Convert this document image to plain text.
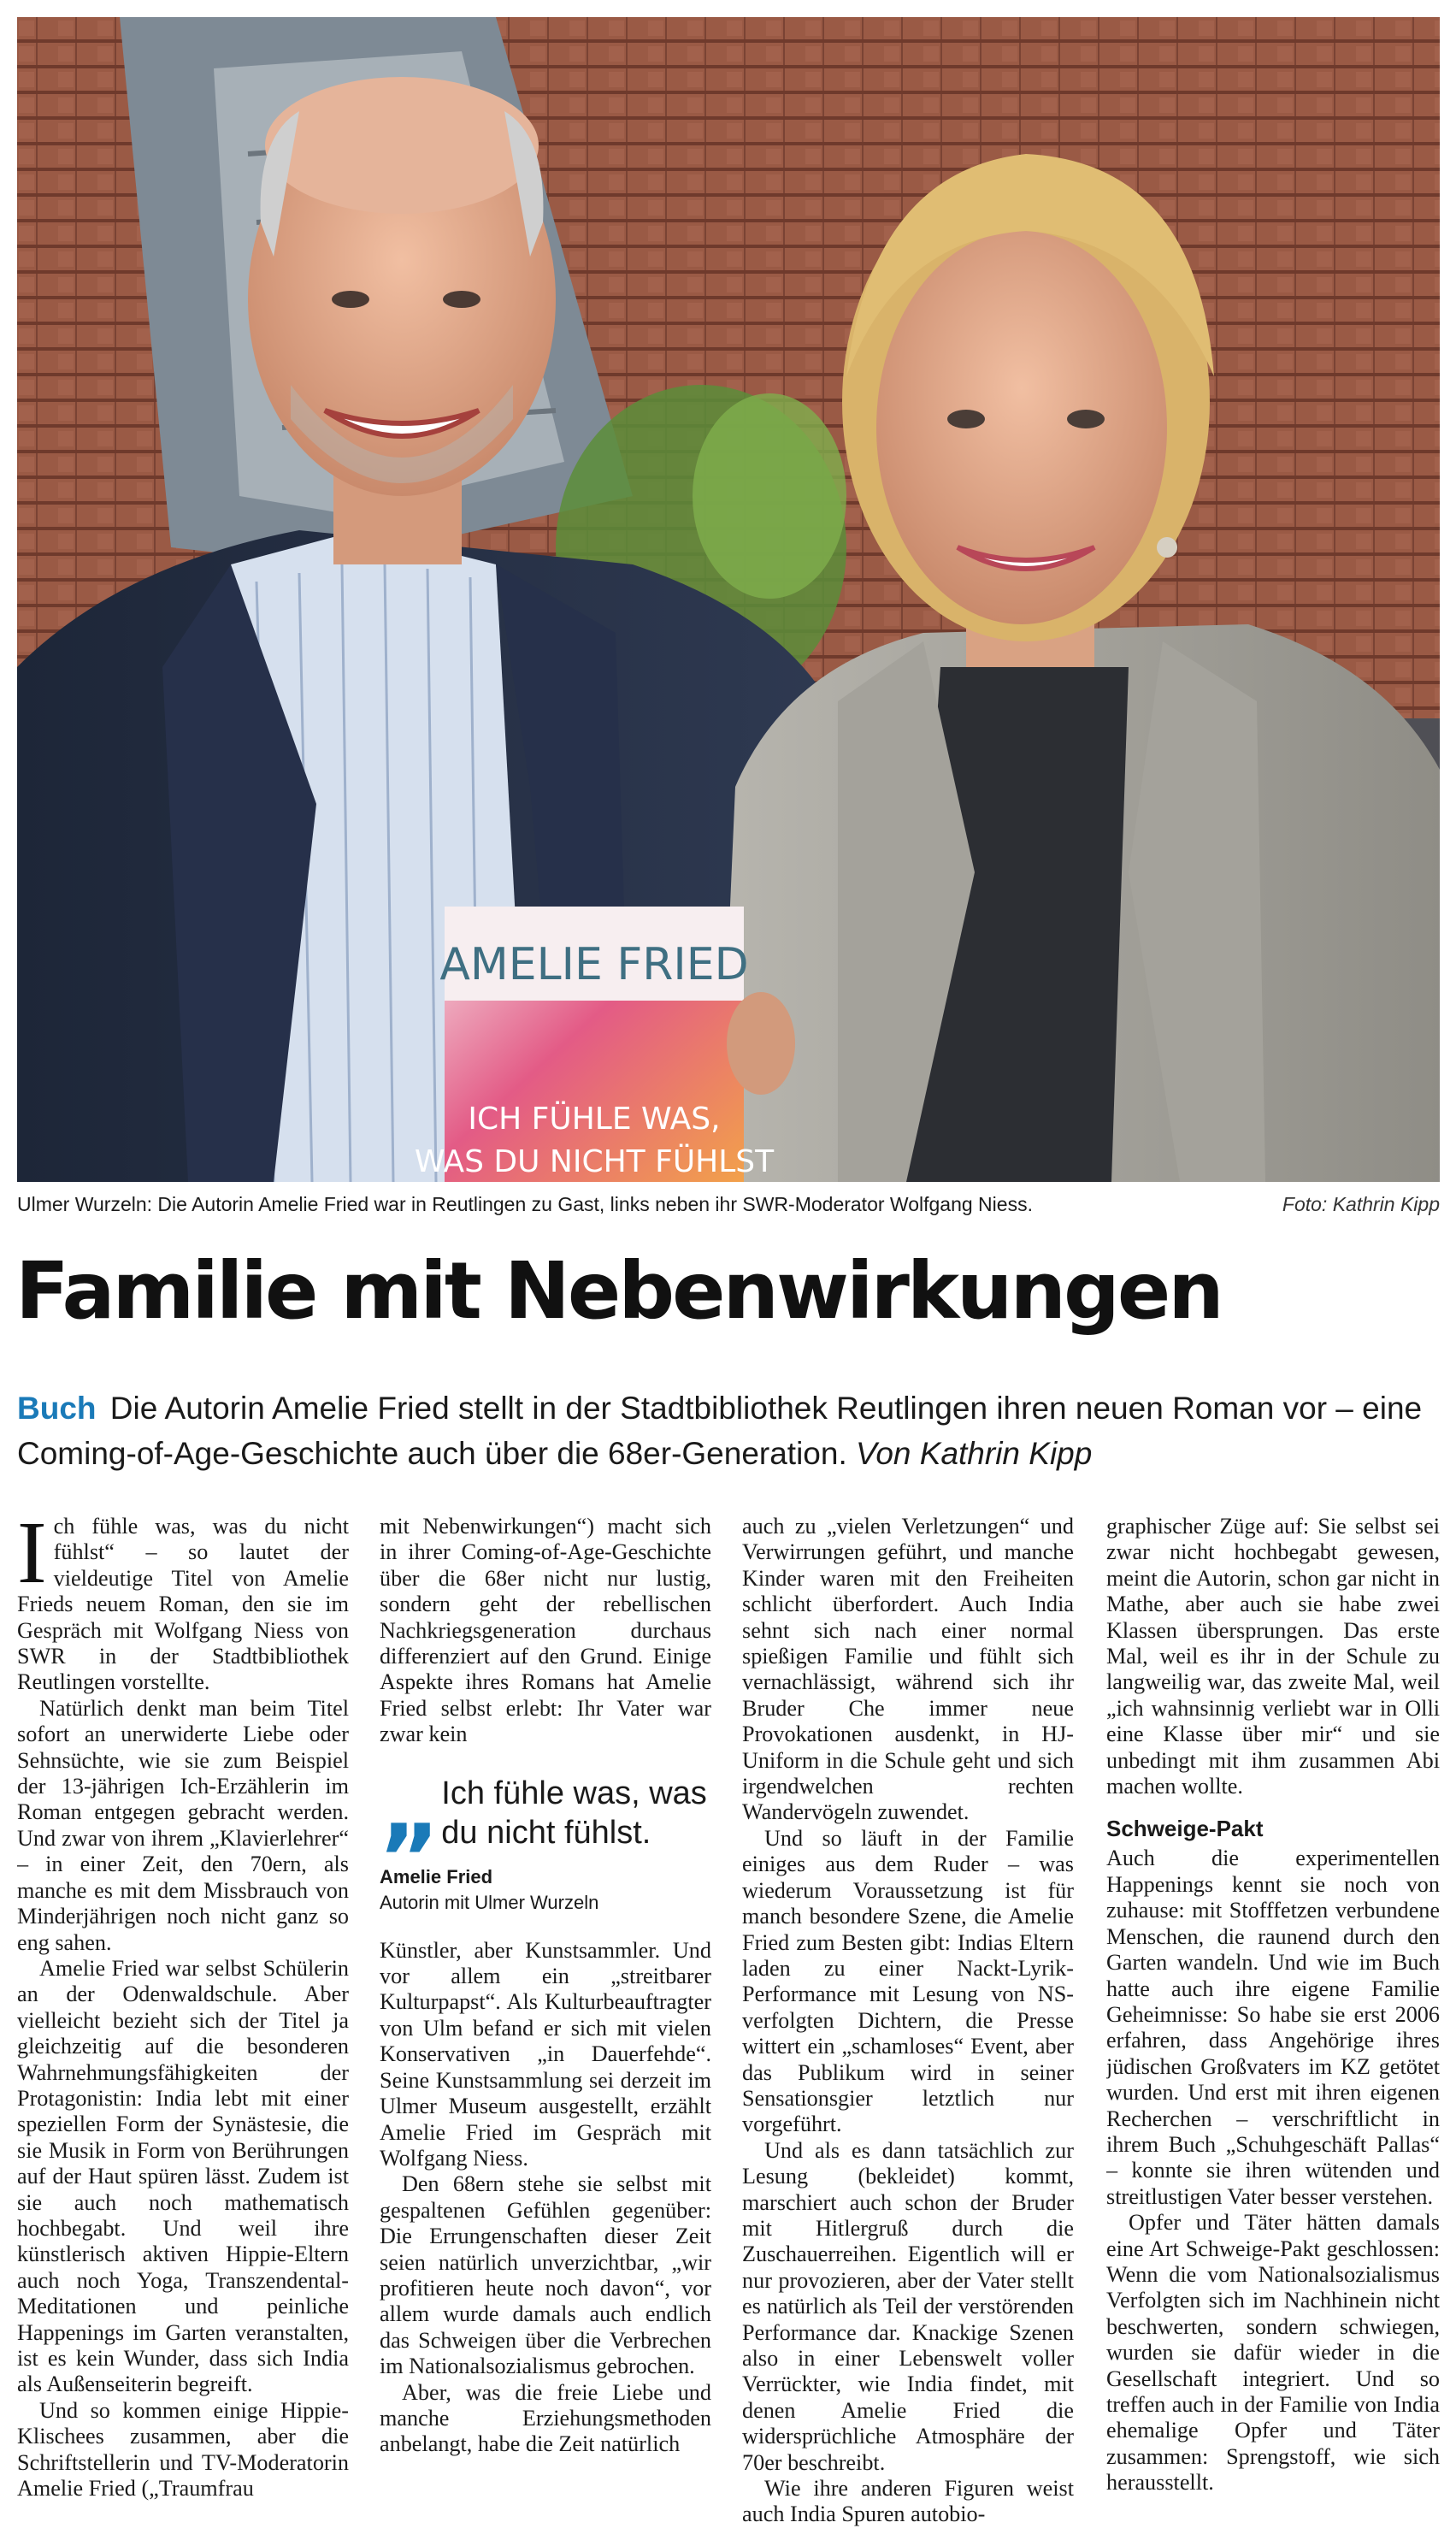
AMELIE FRIED
ICH FÜHLE WAS,
WAS DU NICHT FÜHLST
Ulmer Wurzeln: Die Autorin Amelie Fried war in Reutlingen zu Gast, links neben ihr SWR-Moderator Wolfgang Niess.	Foto: Kathrin Kipp
Familie mit Nebenwirkungen

Buch Die Autorin Amelie Fried stellt in der Stadtbibliothek Reutlingen ihren neuen Roman vor – eine Coming-of-Age-Geschichte auch über die 68er-Generation. Von Kathrin Kipp

Ich fühle was, was du nicht fühlst“ – so lautet der vieldeutige Titel von Amelie Frieds neuem Roman, den sie im Gespräch mit Wolfgang Niess von SWR in der Stadtbibliothek Reutlingen vorstellte.

Natürlich denkt man beim Titel sofort an unerwiderte Liebe oder Sehnsüchte, wie sie zum Beispiel der 13-jährigen Ich-Erzählerin im Roman entgegen gebracht werden. Und zwar von ihrem „Klavierlehrer“ – in einer Zeit, den 70ern, als manche es mit dem Missbrauch von Minderjährigen noch nicht ganz so eng sahen.

Amelie Fried war selbst Schülerin an der Odenwaldschule. Aber vielleicht bezieht sich der Titel ja gleichzeitig auf die besonderen Wahrnehmungsfähigkeiten der Protagonistin: India lebt mit einer speziellen Form der Synästesie, die sie Musik in Form von Berührungen auf der Haut spüren lässt. Zudem ist sie auch noch mathematisch hochbegabt. Und weil ihre künstlerisch aktiven Hippie-Eltern auch noch Yoga, Transzendental-Meditationen und peinliche Happenings im Garten veranstalten, ist es kein Wunder, dass sich India als Außenseiterin begreift.

Und so kommen einige Hippie-Klischees zusammen, aber die Schriftstellerin und TV-Moderatorin Amelie Fried („Traumfrau

mit Nebenwirkungen“) macht sich in ihrer Coming-of-Age-Geschichte über die 68er nicht nur lustig, sondern geht der rebellischen Nachkriegsgeneration durchaus differenziert auf den Grund. Einige Aspekte ihres Romans hat Amelie Fried selbst erlebt: Ihr Vater war zwar kein

„ Ich fühle was, was du nicht fühlst.
Amelie Fried
Autorin mit Ulmer Wurzeln

Künstler, aber Kunstsammler. Und vor allem ein „streitbarer Kulturpapst“. Als Kulturbeauftragter von Ulm befand er sich mit vielen Konservativen „in Dauerfehde“. Seine Kunstsammlung sei derzeit im Ulmer Museum ausgestellt, erzählt Amelie Fried im Gespräch mit Wolfgang Niess.

Den 68ern stehe sie selbst mit gespaltenen Gefühlen gegenüber: Die Errungenschaften dieser Zeit seien natürlich unverzichtbar, „wir profitieren heute noch davon“, vor allem wurde damals auch endlich das Schweigen über die Verbrechen im Nationalsozialismus gebrochen.

Aber, was die freie Liebe und manche Erziehungsmethoden anbelangt, habe die Zeit natürlich

auch zu „vielen Verletzungen“ und Verwirrungen geführt, und manche Kinder waren mit den Freiheiten schlicht überfordert. Auch India sehnt sich nach einer normal spießigen Familie und fühlt sich vernachlässigt, während sich ihr Bruder Che immer neue Provokationen ausdenkt, in HJ-Uniform in die Schule geht und sich irgendwelchen rechten Wandervögeln zuwendet.

Und so läuft in der Familie einiges aus dem Ruder – was wiederum Voraussetzung ist für manch besondere Szene, die Amelie Fried zum Besten gibt: Indias Eltern laden zu einer Nackt-Lyrik-Performance mit Lesung von NS-verfolgten Dichtern, die Presse wittert ein „schamloses“ Event, aber das Publikum wird in seiner Sensationsgier letztlich nur vorgeführt.

Und als es dann tatsächlich zur Lesung (bekleidet) kommt, marschiert auch schon der Bruder mit Hitlergruß durch die Zuschauerreihen. Eigentlich will er nur provozieren, aber der Vater stellt es natürlich als Teil der verstörenden Performance dar. Knackige Szenen also in einer Lebenswelt voller Verrückter, wie India findet, mit denen Amelie Fried die widersprüchliche Atmosphäre der 70er beschreibt.

Wie ihre anderen Figuren weist auch India Spuren autobio-

graphischer Züge auf: Sie selbst sei zwar nicht hochbegabt gewesen, meint die Autorin, schon gar nicht in Mathe, aber auch sie habe zwei Klassen übersprungen. Das erste Mal, weil es ihr in der Schule zu langweilig war, das zweite Mal, weil „ich wahnsinnig verliebt war in Olli eine Klasse über mir“ und sie unbedingt mit ihm zusammen Abi machen wollte.

Schweige-Pakt

Auch die experimentellen Happenings kennt sie noch von zuhause: mit Stofffetzen verbundene Menschen, die raunend durch den Garten wandeln. Und wie im Buch hatte auch ihre eigene Familie Geheimnisse: So habe sie erst 2006 erfahren, dass Angehörige ihres jüdischen Großvaters im KZ getötet wurden. Und erst mit ihren eigenen Recherchen – verschriftlicht in ihrem Buch „Schuhgeschäft Pallas“ – konnte sie ihren wütenden und streitlustigen Vater besser verstehen.

Opfer und Täter hätten damals eine Art Schweige-Pakt geschlossen: Wenn die vom Nationalsozialismus Verfolgten sich im Nachhinein nicht beschwerten, sondern schwiegen, wurden sie dafür wieder in die Gesellschaft integriert. Und so treffen auch in der Familie von India ehemalige Opfer und Täter zusammen: Sprengstoff, wie sich herausstellt.
